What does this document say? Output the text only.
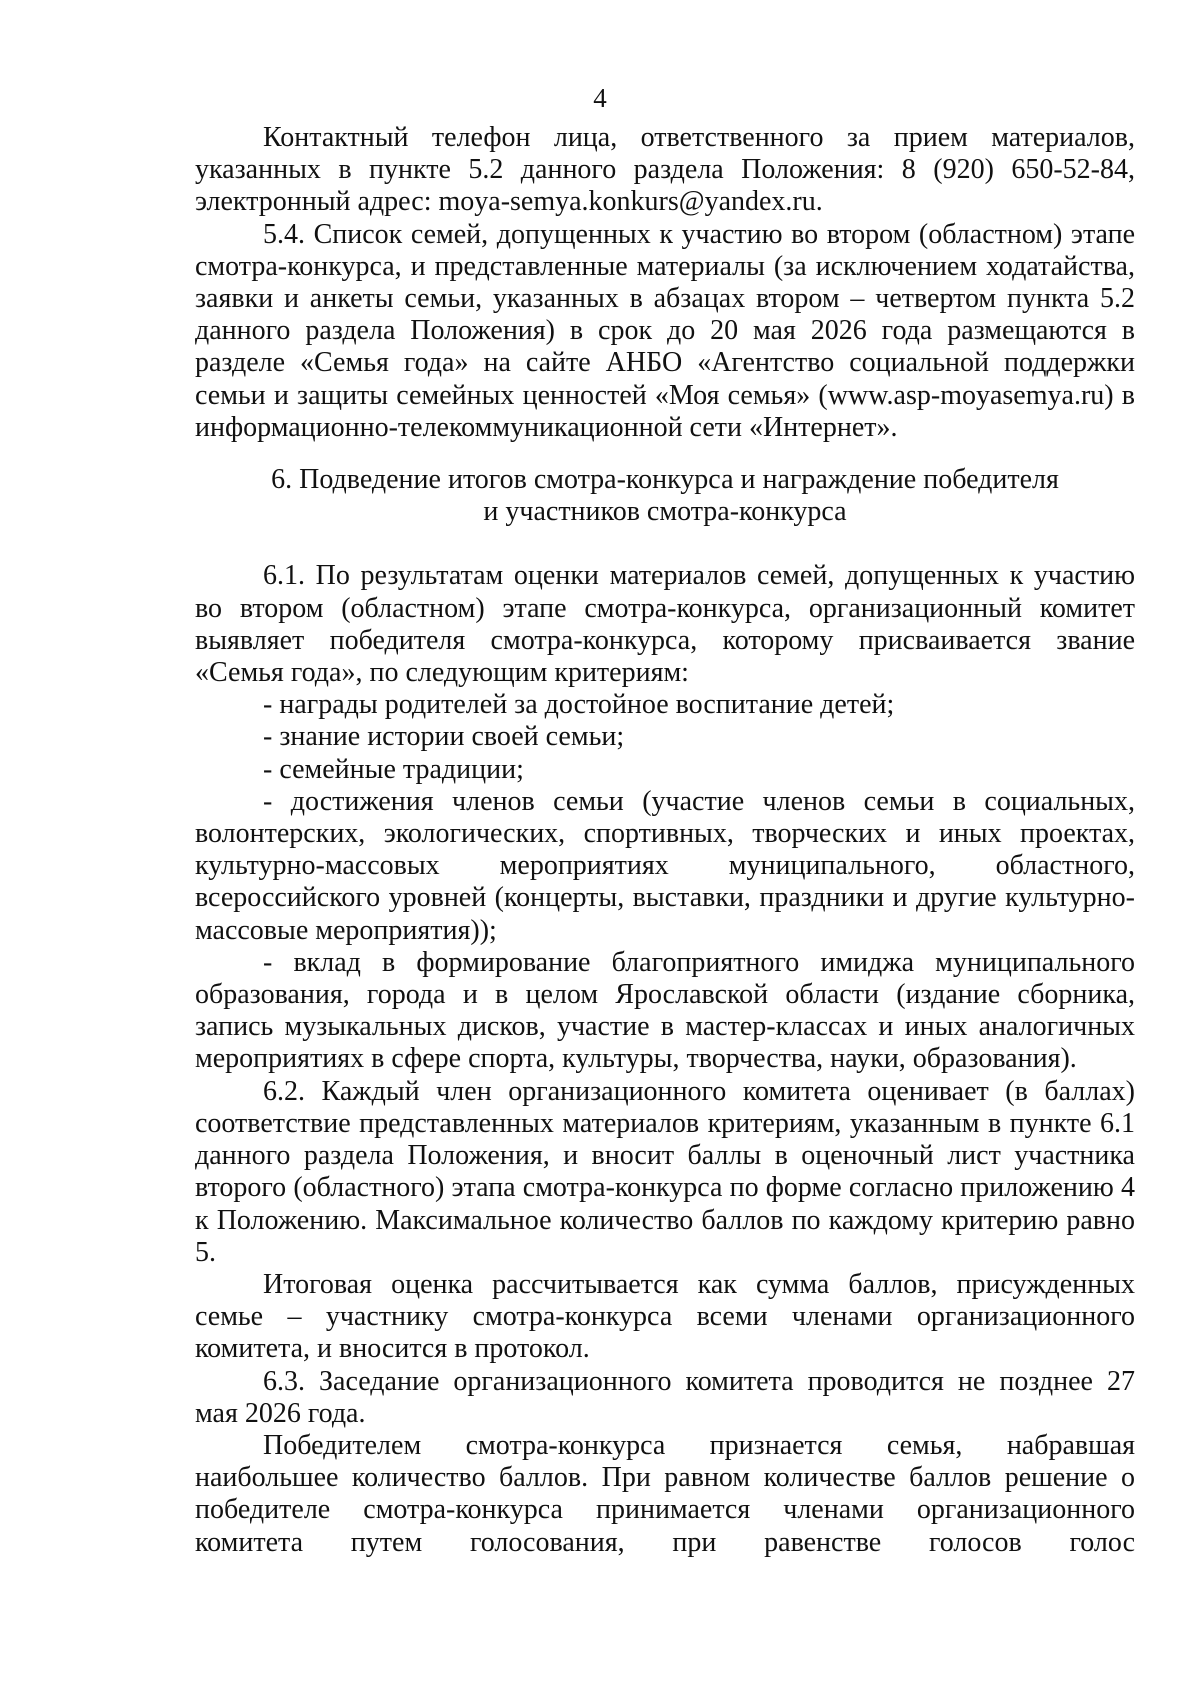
4

Контактный телефон лица, ответственного за прием материалов, указанных в пункте 5.2 данного раздела Положения: 8 (920) 650-52-84, электронный адрес: moya-semya.konkurs@yandex.ru.

5.4. Список семей, допущенных к участию во втором (областном) этапе смотра-конкурса, и представленные материалы (за исключением ходатайства, заявки и анкеты семьи, указанных в абзацах втором – четвертом пункта 5.2 данного раздела Положения) в срок до 20 мая 2026 года размещаются в разделе «Семья года» на сайте АНБО «Агентство социальной поддержки семьи и защиты семейных ценностей «Моя семья» (www.asp-moyasemya.ru) в информационно-телекоммуникационной сети «Интернет».

6. Подведение итогов смотра-конкурса и награждение победителя
и участников смотра-конкурса

6.1. По результатам оценки материалов семей, допущенных к участию во втором (областном) этапе смотра-конкурса, организационный комитет выявляет победителя смотра-конкурса, которому присваивается звание «Семья года», по следующим критериям:

- награды родителей за достойное воспитание детей;

- знание истории своей семьи;

- семейные традиции;

- достижения членов семьи (участие членов семьи в социальных, волонтерских, экологических, спортивных, творческих и иных проектах, культурно-массовых мероприятиях муниципального, областного, всероссийского уровней (концерты, выставки, праздники и другие культурно-массовые мероприятия));

- вклад в формирование благоприятного имиджа муниципального образования, города и в целом Ярославской области (издание сборника, запись музыкальных дисков, участие в мастер-классах и иных аналогичных мероприятиях в сфере спорта, культуры, творчества, науки, образования).

6.2. Каждый член организационного комитета оценивает (в баллах) соответствие представленных материалов критериям, указанным в пункте 6.1 данного раздела Положения, и вносит баллы в оценочный лист участника второго (областного) этапа смотра-конкурса по форме согласно приложению 4 к Положению. Максимальное количество баллов по каждому критерию равно 5.

Итоговая оценка рассчитывается как сумма баллов, присужденных семье – участнику смотра-конкурса всеми членами организационного комитета, и вносится в протокол.

6.3. Заседание организационного комитета проводится не позднее 27 мая 2026 года.

Победителем смотра-конкурса признается семья, набравшая наибольшее количество баллов. При равном количестве баллов решение о победителе смотра-конкурса принимается членами организационного комитета путем голосования, при равенстве голосов голос
